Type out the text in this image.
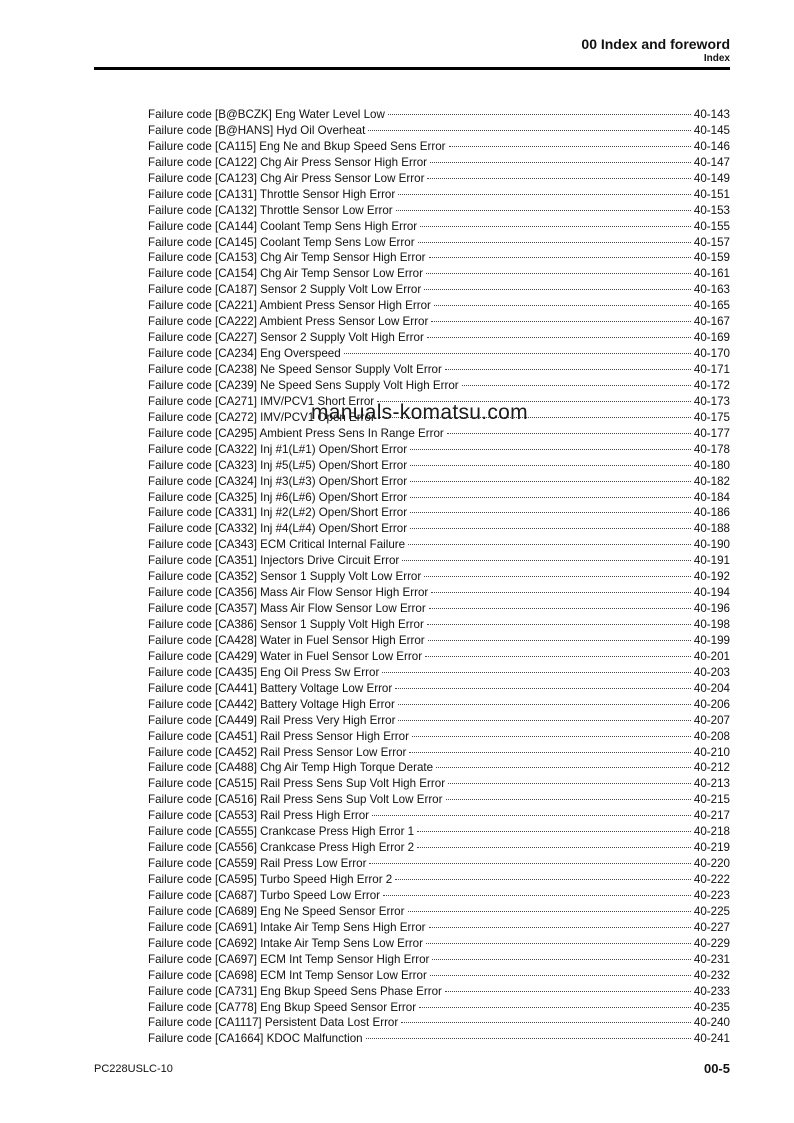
00 Index and foreword
Index
Failure code [B@BCZK] Eng Water Level Low	40-143
Failure code [B@HANS] Hyd Oil Overheat	40-145
Failure code [CA115] Eng Ne and Bkup Speed Sens Error	40-146
Failure code [CA122] Chg Air Press Sensor High Error	40-147
Failure code [CA123] Chg Air Press Sensor Low Error	40-149
Failure code [CA131] Throttle Sensor High Error	40-151
Failure code [CA132] Throttle Sensor Low Error	40-153
Failure code [CA144] Coolant Temp Sens High Error	40-155
Failure code [CA145] Coolant Temp Sens Low Error	40-157
Failure code [CA153] Chg Air Temp Sensor High Error	40-159
Failure code [CA154] Chg Air Temp Sensor Low Error	40-161
Failure code [CA187] Sensor 2 Supply Volt Low Error	40-163
Failure code [CA221] Ambient Press Sensor High Error	40-165
Failure code [CA222] Ambient Press Sensor Low Error	40-167
Failure code [CA227] Sensor 2 Supply Volt High Error	40-169
Failure code [CA234] Eng Overspeed	40-170
Failure code [CA238] Ne Speed Sensor Supply Volt Error	40-171
Failure code [CA239] Ne Speed Sens Supply Volt High Error	40-172
Failure code [CA271] IMV/PCV1 Short Error	40-173
Failure code [CA272] IMV/PCV1 Open Error	40-175
Failure code [CA295] Ambient Press Sens In Range Error	40-177
Failure code [CA322] Inj #1(L#1) Open/Short Error	40-178
Failure code [CA323] Inj #5(L#5) Open/Short Error	40-180
Failure code [CA324] Inj #3(L#3) Open/Short Error	40-182
Failure code [CA325] Inj #6(L#6) Open/Short Error	40-184
Failure code [CA331] Inj #2(L#2) Open/Short Error	40-186
Failure code [CA332] Inj #4(L#4) Open/Short Error	40-188
Failure code [CA343] ECM Critical Internal Failure	40-190
Failure code [CA351] Injectors Drive Circuit Error	40-191
Failure code [CA352] Sensor 1 Supply Volt Low Error	40-192
Failure code [CA356] Mass Air Flow Sensor High Error	40-194
Failure code [CA357] Mass Air Flow Sensor Low Error	40-196
Failure code [CA386] Sensor 1 Supply Volt High Error	40-198
Failure code [CA428] Water in Fuel Sensor High Error	40-199
Failure code [CA429] Water in Fuel Sensor Low Error	40-201
Failure code [CA435] Eng Oil Press Sw Error	40-203
Failure code [CA441] Battery Voltage Low Error	40-204
Failure code [CA442] Battery Voltage High Error	40-206
Failure code [CA449] Rail Press Very High Error	40-207
Failure code [CA451] Rail Press Sensor High Error	40-208
Failure code [CA452] Rail Press Sensor Low Error	40-210
Failure code [CA488] Chg Air Temp High Torque Derate	40-212
Failure code [CA515] Rail Press Sens Sup Volt High Error	40-213
Failure code [CA516] Rail Press Sens Sup Volt Low Error	40-215
Failure code [CA553] Rail Press High Error	40-217
Failure code [CA555] Crankcase Press High Error 1	40-218
Failure code [CA556] Crankcase Press High Error 2	40-219
Failure code [CA559] Rail Press Low Error	40-220
Failure code [CA595] Turbo Speed High Error 2	40-222
Failure code [CA687] Turbo Speed Low Error	40-223
Failure code [CA689] Eng Ne Speed Sensor Error	40-225
Failure code [CA691] Intake Air Temp Sens High Error	40-227
Failure code [CA692] Intake Air Temp Sens Low Error	40-229
Failure code [CA697] ECM Int Temp Sensor High Error	40-231
Failure code [CA698] ECM Int Temp Sensor Low Error	40-232
Failure code [CA731] Eng Bkup Speed Sens Phase Error	40-233
Failure code [CA778] Eng Bkup Speed Sensor Error	40-235
Failure code [CA1117] Persistent Data Lost Error	40-240
Failure code [CA1664] KDOC Malfunction	40-241
manuals-komatsu.com
PC228USLC-10	00-5
